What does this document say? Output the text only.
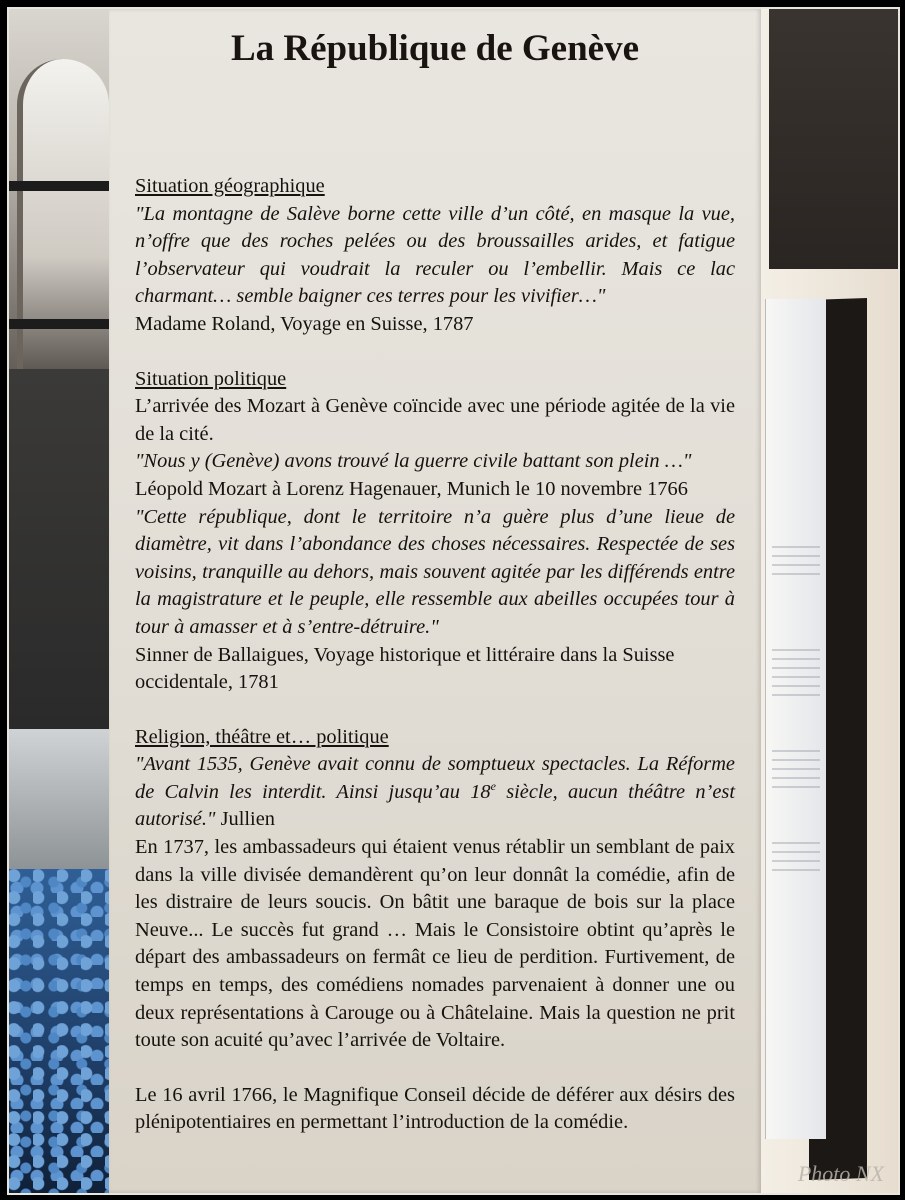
La République de Genève

Situation géographique

"La montagne de Salève borne cette ville d’un côté, en masque la vue, n’offre que des roches pelées ou des broussailles arides, et fatigue l’observateur qui voudrait la reculer ou l’embellir. Mais ce lac charmant… semble baigner ces terres pour les vivifier…"

Madame Roland, Voyage en Suisse, 1787

Situation politique

L’arrivée des Mozart à Genève coïncide avec une période agitée de la vie de la cité.

"Nous y (Genève) avons trouvé la guerre civile battant son plein …"

Léopold Mozart à Lorenz Hagenauer, Munich le 10 novembre 1766

"Cette république, dont le territoire n’a guère plus d’une lieue de diamètre, vit dans l’abondance des choses nécessaires. Respectée de ses voisins, tranquille au dehors, mais souvent agitée par les différends entre la magistrature et le peuple, elle ressemble aux abeilles occupées tour à tour à amasser et à s’entre-détruire."

Sinner de Ballaigues, Voyage historique et littéraire dans la Suisse occidentale, 1781

Religion, théâtre et… politique

"Avant 1535, Genève avait connu de somptueux spectacles. La Réforme de Calvin les interdit. Ainsi jusqu’au 18e siècle, aucun théâtre n’est autorisé." Jullien

En 1737, les ambassadeurs qui étaient venus rétablir un semblant de paix dans la ville divisée demandèrent qu’on leur donnât la comédie, afin de les distraire de leurs soucis. On bâtit une baraque de bois sur la place Neuve... Le succès fut grand … Mais le Consistoire obtint qu’après le départ des ambassadeurs on fermât ce lieu de perdition. Furtivement, de temps en temps, des comédiens nomades parvenaient à donner une ou deux représentations à Carouge ou à Châtelaine. Mais la question ne prit toute son acuité qu’avec l’arrivée de Voltaire.

Le 16 avril 1766, le Magnifique Conseil décide de déférer aux désirs des plénipotentiaires en permettant l’introduction de la comédie.

Photo NX
